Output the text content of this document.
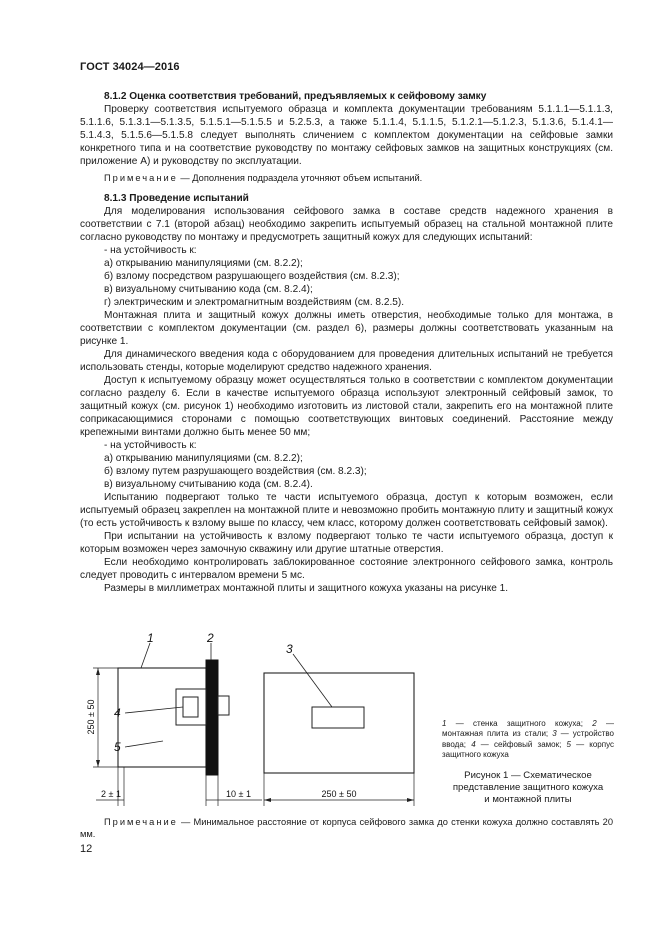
ГОСТ 34024—2016

8.1.2 Оценка соответствия требований, предъявляемых к сейфовому замку

Проверку соответствия испытуемого образца и комплекта документации требованиям 5.1.1.1—5.1.1.3, 5.1.1.6, 5.1.3.1—5.1.3.5, 5.1.5.1—5.1.5.5 и 5.2.5.3, а также 5.1.1.4, 5.1.1.5, 5.1.2.1—5.1.2.3, 5.1.3.6, 5.1.4.1—5.1.4.3, 5.1.5.6—5.1.5.8 следует выполнять сличением с комплектом документации на сейфовые замки конкретного типа и на соответствие руководству по монтажу сейфовых замков на защитных конструкциях (см. приложение А) и руководству по эксплуатации.

Примечание — Дополнения подраздела уточняют объем испытаний.

8.1.3 Проведение испытаний

Для моделирования использования сейфового замка в составе средств надежного хранения в соответствии с 7.1 (второй абзац) необходимо закрепить испытуемый образец на стальной монтажной плите согласно руководству по монтажу и предусмотреть защитный кожух для следующих испытаний:

- на устойчивость к:

а) открыванию манипуляциями (см. 8.2.2);

б) взлому посредством разрушающего воздействия (см. 8.2.3);

в) визуальному считыванию кода (см. 8.2.4);

г) электрическим и электромагнитным воздействиям (см. 8.2.5).

Монтажная плита и защитный кожух должны иметь отверстия, необходимые только для монтажа, в соответствии с комплектом документации (см. раздел 6), размеры должны соответствовать указанным на рисунке 1.

Для динамического введения кода с оборудованием для проведения длительных испытаний не требуется использовать стенды, которые моделируют средство надежного хранения.

Доступ к испытуемому образцу может осуществляться только в соответствии с комплектом документации согласно разделу 6. Если в качестве испытуемого образца используют электронный сейфовый замок, то защитный кожух (см. рисунок 1) необходимо изготовить из листовой стали, закрепить его на монтажной плите соприкасающимися сторонами с помощью соответствующих винтовых соединений. Расстояние между крепежными винтами должно быть менее 50 мм;

- на устойчивость к:

а) открыванию манипуляциями (см. 8.2.2);

б) взлому путем разрушающего воздействия (см. 8.2.3);

в) визуальному считыванию кода (см. 8.2.4).

Испытанию подвергают только те части испытуемого образца, доступ к которым возможен, если испытуемый образец закреплен на монтажной плите и невозможно пробить монтажную плиту и защитный кожух (то есть устойчивость к взлому выше по классу, чем класс, которому должен соответствовать сейфовый замок).

При испытании на устойчивость к взлому подвергают только те части испытуемого образца, доступ к которым возможен через замочную скважину или другие штатные отверстия.

Если необходимо контролировать заблокированное состояние электронного сейфового замка, контроль следует проводить с интервалом времени 5 мс.

Размеры в миллиметрах монтажной плиты и защитного кожуха указаны на рисунке 1.

1	2
4
5
250 ± 50
2 ± 1	10 ± 1
3
250 ± 50
1 — стенка защитного кожуха; 2 — монтажная плита из стали; 3 — устройство ввода; 4 — сейфовый замок; 5 — корпус защитного кожуха
Рисунок 1 — Схематическое
представление защитного кожуха
и монтажной плиты
Примечание — Минимальное расстояние от корпуса сейфового замка до стенки кожуха должно составлять 20 мм.
12
